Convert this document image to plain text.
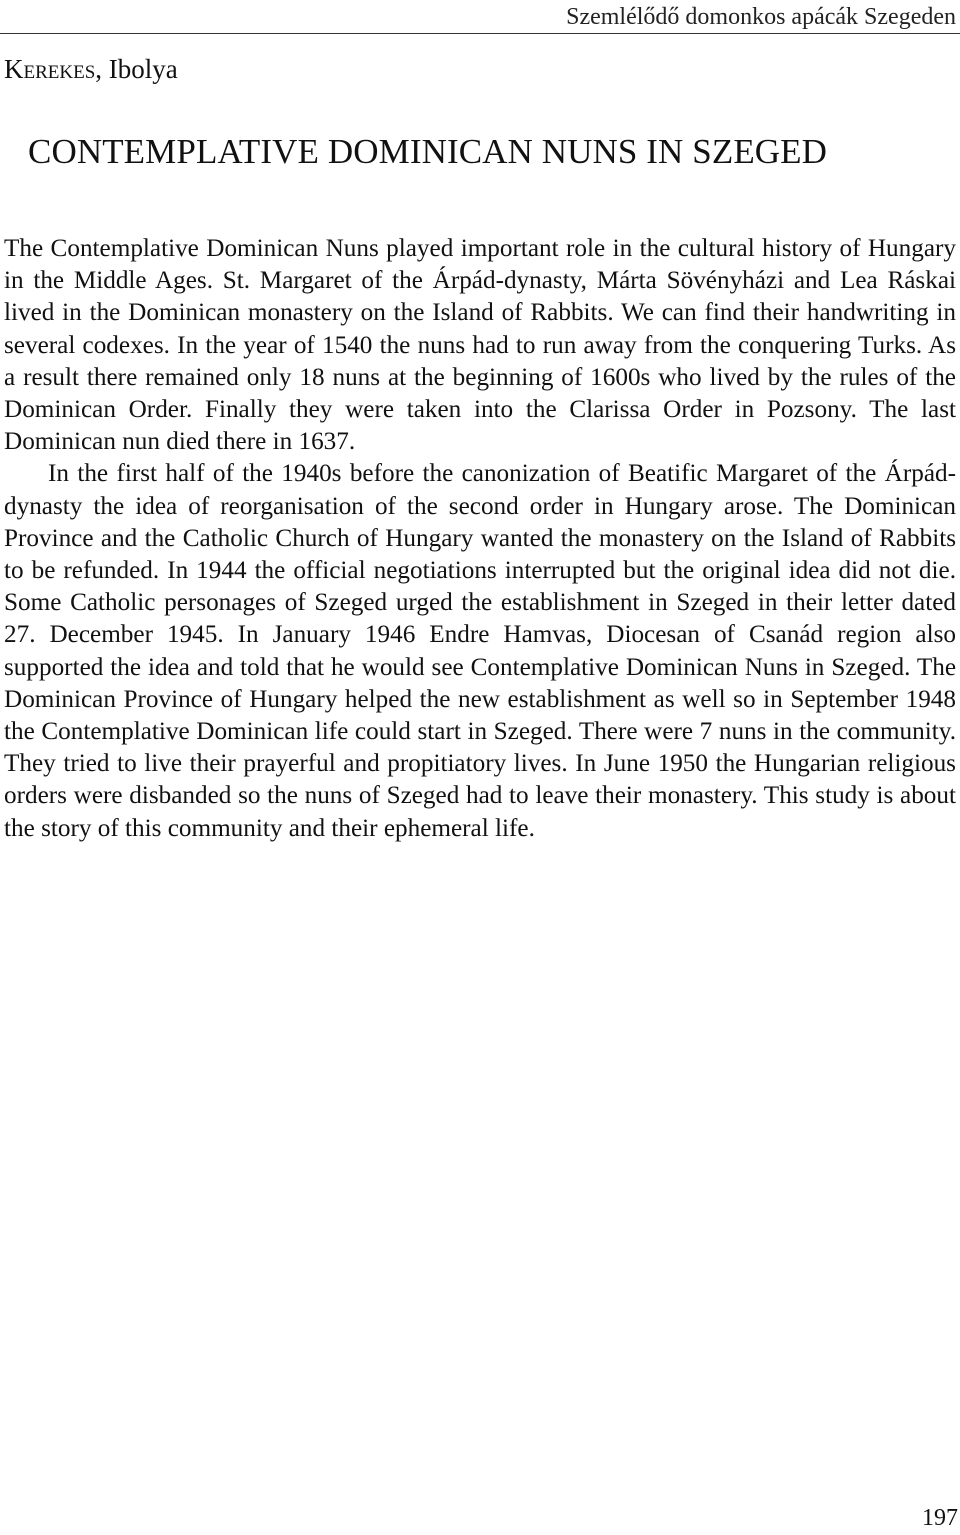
Szemlélődő domonkos apácák Szegeden
Kerekes, Ibolya
CONTEMPLATIVE DOMINICAN NUNS IN SZEGED

The Contemplative Dominican Nuns played important role in the cultural history of Hungary in the Middle Ages. St. Margaret of the Árpád-dynasty, Márta Sövényházi and Lea Ráskai lived in the Dominican monastery on the Island of Rabbits. We can find their handwriting in several codexes. In the year of 1540 the nuns had to run away from the conquering Turks. As a result there remained only 18 nuns at the beginning of 1600s who lived by the rules of the Dominican Order. Finally they were taken into the Clarissa Order in Pozsony. The last Dominican nun died there in 1637.

In the first half of the 1940s before the canonization of Beatific Margaret of the Árpád-dynasty the idea of reorganisation of the second order in Hungary arose. The Dominican Province and the Catholic Church of Hungary wanted the monastery on the Island of Rabbits to be refunded. In 1944 the official negotiations interrupted but the original idea did not die. Some Catholic personages of Szeged urged the establishment in Szeged in their letter dated 27. December 1945. In January 1946 Endre Hamvas, Diocesan of Csanád region also supported the idea and told that he would see Contemplative Dominican Nuns in Szeged. The Dominican Province of Hungary helped the new establishment as well so in September 1948 the Contemplative Dominican life could start in Szeged. There were 7 nuns in the community. They tried to live their prayerful and propitiatory lives. In June 1950 the Hungarian religious orders were disbanded so the nuns of Szeged had to leave their monastery. This study is about the story of this community and their ephemeral life.

197
